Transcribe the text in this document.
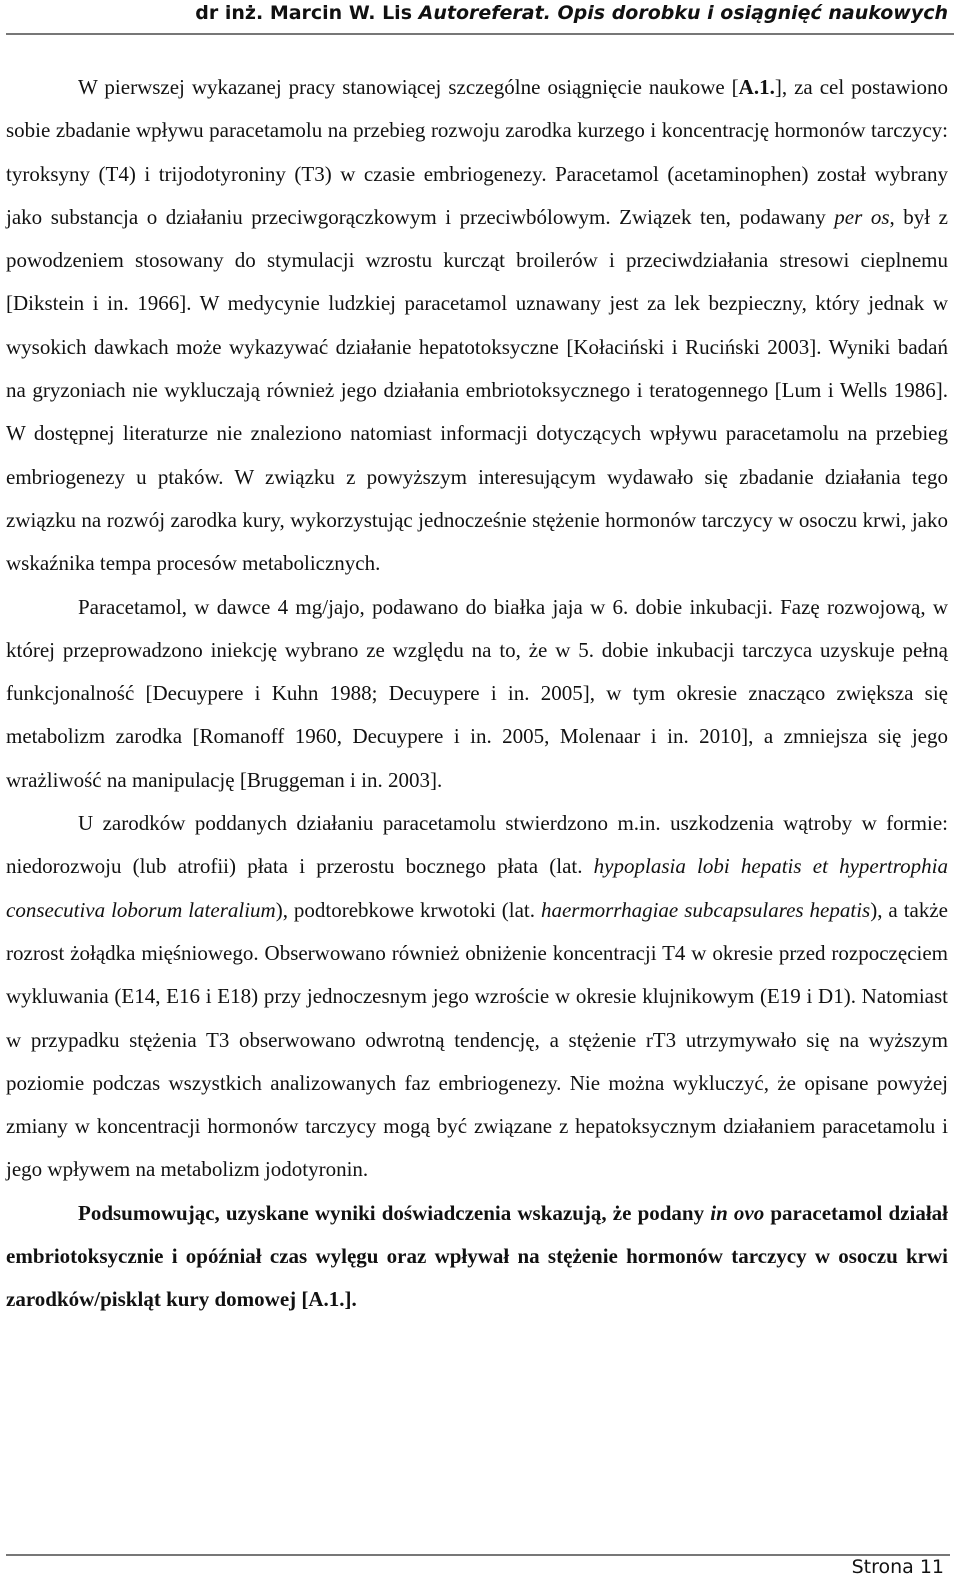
dr inż. Marcin W. Lis Autoreferat. Opis dorobku i osiągnięć naukowych

W pierwszej wykazanej pracy stanowiącej szczególne osiągnięcie naukowe [A.1.], za cel postawiono sobie zbadanie wpływu paracetamolu na przebieg rozwoju zarodka kurzego i koncentrację hormonów tarczycy: tyroksyny (T4) i trijodotyroniny (T3) w czasie embriogenezy. Paracetamol (acetaminophen) został wybrany jako substancja o działaniu przeciwgorączkowym i przeciwbólowym. Związek ten, podawany per os, był z powodzeniem stosowany do stymulacji wzrostu kurcząt broilerów i przeciwdziałania stresowi cieplnemu [Dikstein i in. 1966]. W medycynie ludzkiej paracetamol uznawany jest za lek bezpieczny, który jednak w wysokich dawkach może wykazywać działanie hepatotoksyczne [Kołaciński i Ruciński 2003]. Wyniki badań na gryzoniach nie wykluczają również jego działania embriotoksycznego i teratogennego [Lum i Wells 1986]. W dostępnej literaturze nie znaleziono natomiast informacji dotyczących wpływu paracetamolu na przebieg embriogenezy u ptaków. W związku z powyższym interesującym wydawało się zbadanie działania tego związku na rozwój zarodka kury, wykorzystując jednocześnie stężenie hormonów tarczycy w osoczu krwi, jako wskaźnika tempa procesów metabolicznych.

Paracetamol, w dawce 4 mg/jajo, podawano do białka jaja w 6. dobie inkubacji. Fazę rozwojową, w której przeprowadzono iniekcję wybrano ze względu na to, że w 5. dobie inkubacji tarczyca uzyskuje pełną funkcjonalność [Decuypere i Kuhn 1988; Decuypere i in. 2005], w tym okresie znacząco zwiększa się metabolizm zarodka [Romanoff 1960, Decuypere i in. 2005, Molenaar i in. 2010], a zmniejsza się jego wrażliwość na manipulację [Bruggeman i in. 2003].

U zarodków poddanych działaniu paracetamolu stwierdzono m.in. uszkodzenia wątroby w formie: niedorozwoju (lub atrofii) płata i przerostu bocznego płata (lat. hypoplasia lobi hepatis et hypertrophia consecutiva loborum lateralium), podtorebkowe krwotoki (lat. haermorrhagiae subcapsulares hepatis), a także rozrost żołądka mięśniowego. Obserwowano również obniżenie koncentracji T4 w okresie przed rozpoczęciem wykluwania (E14, E16 i E18) przy jednoczesnym jego wzroście w okresie klujnikowym (E19 i D1). Natomiast w przypadku stężenia T3 obserwowano odwrotną tendencję, a stężenie rT3 utrzymywało się na wyższym poziomie podczas wszystkich analizowanych faz embriogenezy. Nie można wykluczyć, że opisane powyżej zmiany w koncentracji hormonów tarczycy mogą być związane z hepatoksycznym działaniem paracetamolu i jego wpływem na metabolizm jodotyronin.

Podsumowując, uzyskane wyniki doświadczenia wskazują, że podany in ovo paracetamol działał embriotoksycznie i opóźniał czas wylęgu oraz wpływał na stężenie hormonów tarczycy w osoczu krwi zarodków/piskląt kury domowej [A.1.].

Strona 11
